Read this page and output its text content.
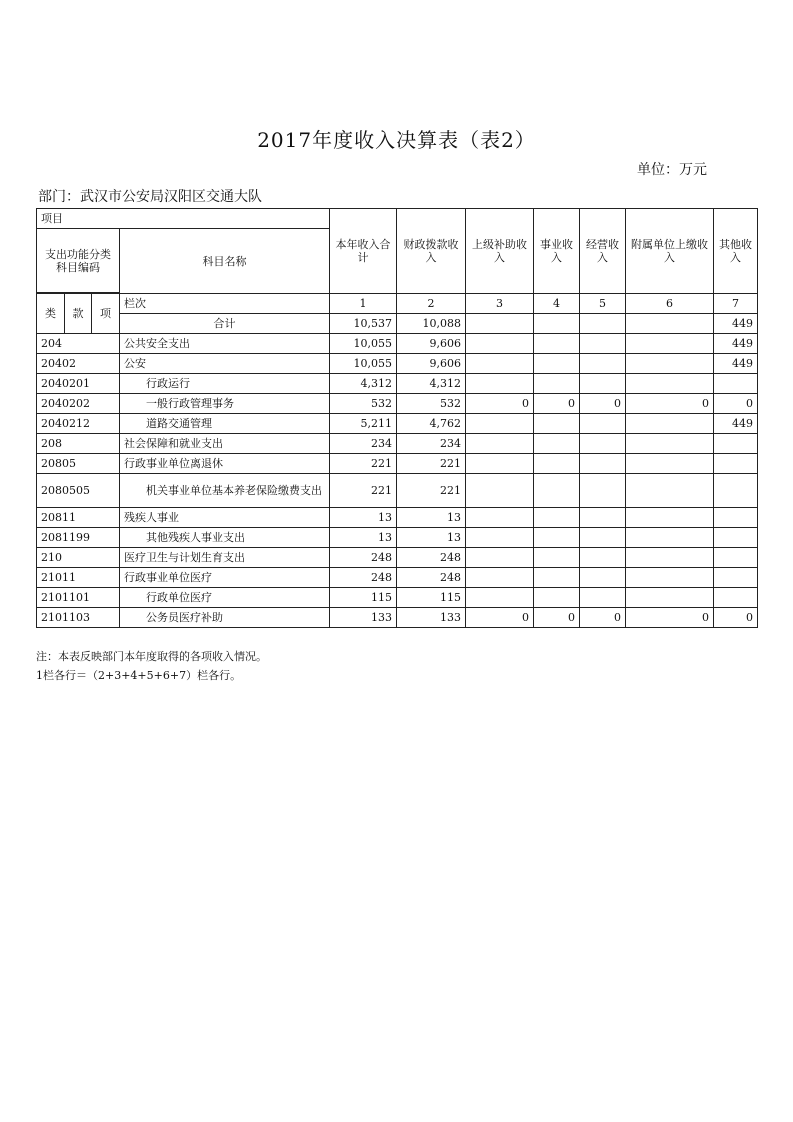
2017年度收入决算表（表2）
单位：万元
部门：武汉市公安局汉阳区交通大队
项目				本年收入合计	财政拨款收入	上级补助收入	事业收入	经营收入	附属单位上缴收入	其他收入
支出功能分类科目编码			科目名称							

类	款	项	栏次	1	2	3	4	5	6	7
			合计	10,537	10,088					449
204			公共安全支出	10,055	9,606					449
20402			公安	10,055	9,606					449
2040201			行政运行	4,312	4,312					
2040202			一般行政管理事务	532	532	0	0	0	0	0
2040212			道路交通管理	5,211	4,762					449
208			社会保障和就业支出	234	234					
20805			行政事业单位离退休	221	221					
2080505			机关事业单位基本养老保险缴费支出	221	221					
20811			残疾人事业	13	13					
2081199			其他残疾人事业支出	13	13					
210			医疗卫生与计划生育支出	248	248					
21011			行政事业单位医疗	248	248					
2101101			行政单位医疗	115	115					
2101103			公务员医疗补助	133	133	0	0	0	0	0
注：本表反映部门本年度取得的各项收入情况。
1栏各行＝（2+3+4+5+6+7）栏各行。
